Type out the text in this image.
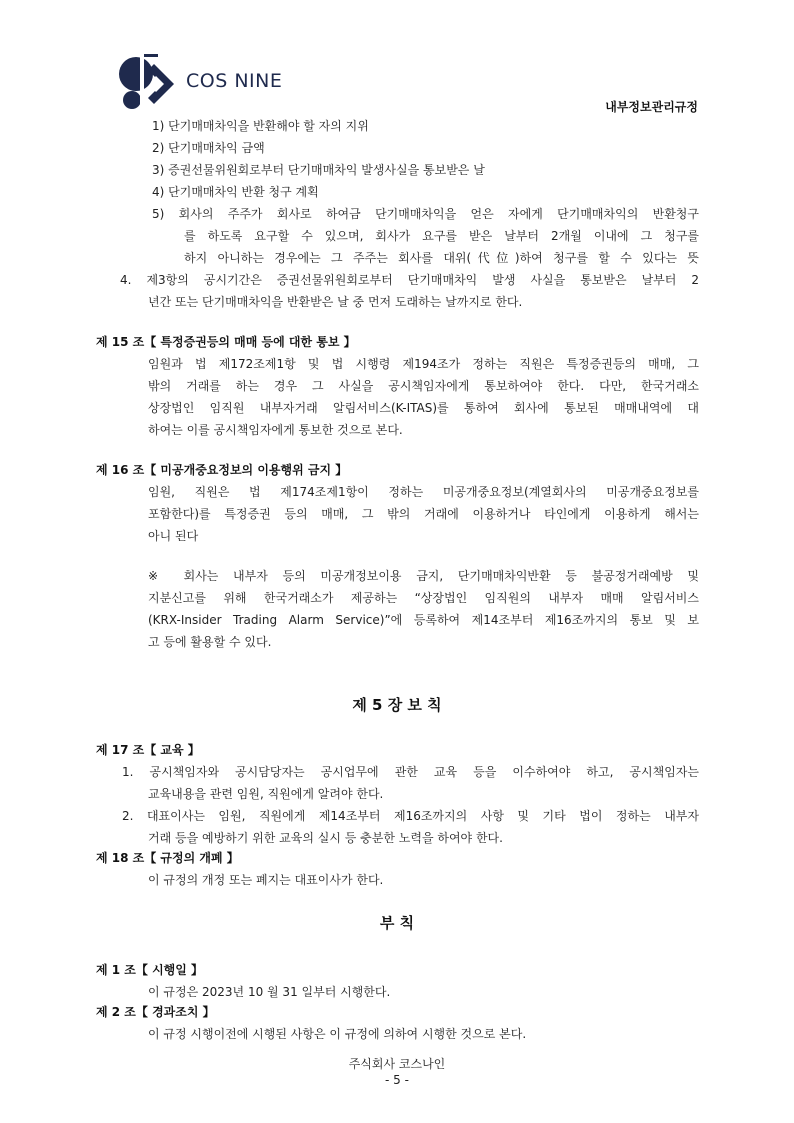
COS NINE
내부정보관리규정
1) 단기매매차익을 반환해야 할 자의 지위
2) 단기매매차익 금액
3) 증권선물위원회로부터 단기매매차익 발생사실을 통보받은 날
4) 단기매매차익 반환 청구 계획
5) 회사의 주주가 회사로 하여금 단기매매차익을 얻은 자에게 단기매매차익의 반환청구
를 하도록 요구할 수 있으며, 회사가 요구를 받은 날부터 2개월 이내에 그 청구를
하지 아니하는 경우에는 그 주주는 회사를 대위(代位)하여 청구를 할 수 있다는 뜻
4. 제3항의 공시기간은 증권선물위원회로부터 단기매매차익 발생 사실을 통보받은 날부터 2
년간 또는 단기매매차익을 반환받은 날 중 먼저 도래하는 날까지로 한다.
제 15 조【 특정증권등의 매매 등에 대한 통보 】
임원과 법 제172조제1항 및 법 시행령 제194조가 정하는 직원은 특정증권등의 매매, 그
밖의 거래를 하는 경우 그 사실을 공시책임자에게 통보하여야 한다. 다만, 한국거래소
상장법인 임직원 내부자거래 알림서비스(K-ITAS)를 통하여 회사에 통보된 매매내역에 대
하여는 이를 공시책임자에게 통보한 것으로 본다.
제 16 조【 미공개중요정보의 이용행위 금지 】
임원, 직원은 법 제174조제1항이 정하는 미공개중요정보(계열회사의 미공개중요정보를
포함한다)를 특정증권 등의 매매, 그 밖의 거래에 이용하거나 타인에게 이용하게 해서는
아니 된다
※ 회사는 내부자 등의 미공개정보이용 금지, 단기매매차익반환 등 불공정거래예방 및
지분신고를 위해 한국거래소가 제공하는 “상장법인 임직원의 내부자 매매 알림서비스
(KRX-Insider Trading Alarm Service)”에 등록하여 제14조부터 제16조까지의 통보 및 보
고 등에 활용할 수 있다.
제 5 장 보 칙
제 17 조【 교육 】
1. 공시책임자와 공시담당자는 공시업무에 관한 교육 등을 이수하여야 하고, 공시책임자는
교육내용을 관련 임원, 직원에게 알려야 한다.
2. 대표이사는 임원, 직원에게 제14조부터 제16조까지의 사항 및 기타 법이 정하는 내부자
거래 등을 예방하기 위한 교육의 실시 등 충분한 노력을 하여야 한다.
제 18 조【 규정의 개폐 】
이 규정의 개정 또는 폐지는 대표이사가 한다.
부 칙
제 1 조【 시행일 】
이 규정은 2023년 10 월 31 일부터 시행한다.
제 2 조【 경과조치 】
이 규정 시행이전에 시행된 사항은 이 규정에 의하여 시행한 것으로 본다.
주식회사 코스나인
- 5 -
